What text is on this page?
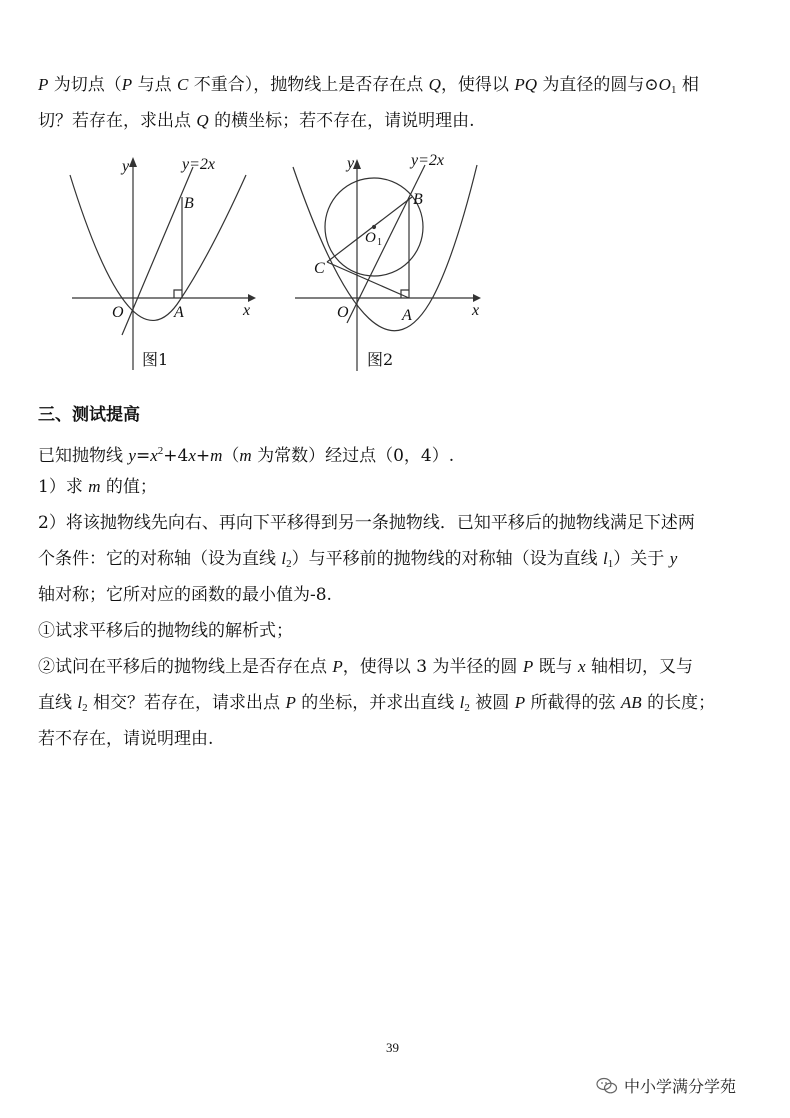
P 为切点（P 与点 C 不重合），抛物线上是否存在点 Q，使得以 PQ 为直径的圆与$⊙O_1$ 相
切？若存在，求出点 Q 的横坐标；若不存在，请说明理由.
y
x
y=2x
O	A
B
图1
y
x
y=2x
O	A
B
C
O 1
图2
三、测试提高
已知抛物线 $y=x^2+4x+m(m$ 为常数）经过点（0，4）.
1）求 m 的值；
2）将该抛物线先向右、再向下平移得到另一条抛物线．已知平移后的抛物线满足下述两
个条件：它的对称轴（设为直线 $l_2$）与平移前的抛物线的对称轴（设为直线 $l_1$）关于 y
轴对称；它所对应的函数的最小值为-8.
①试求平移后的抛物线的解析式；
②试问在平移后的抛物线上是否存在点 P，使得以 3 为半径的圆 P 既与 x 轴相切，又与
直线 $l_2$ 相交？若存在，请求出点 P 的坐标，并求出直线 $l_2$ 被圆 P 所截得的弦 AB 的长度；
若不存在，请说明理由.
39
中小学满分学苑
